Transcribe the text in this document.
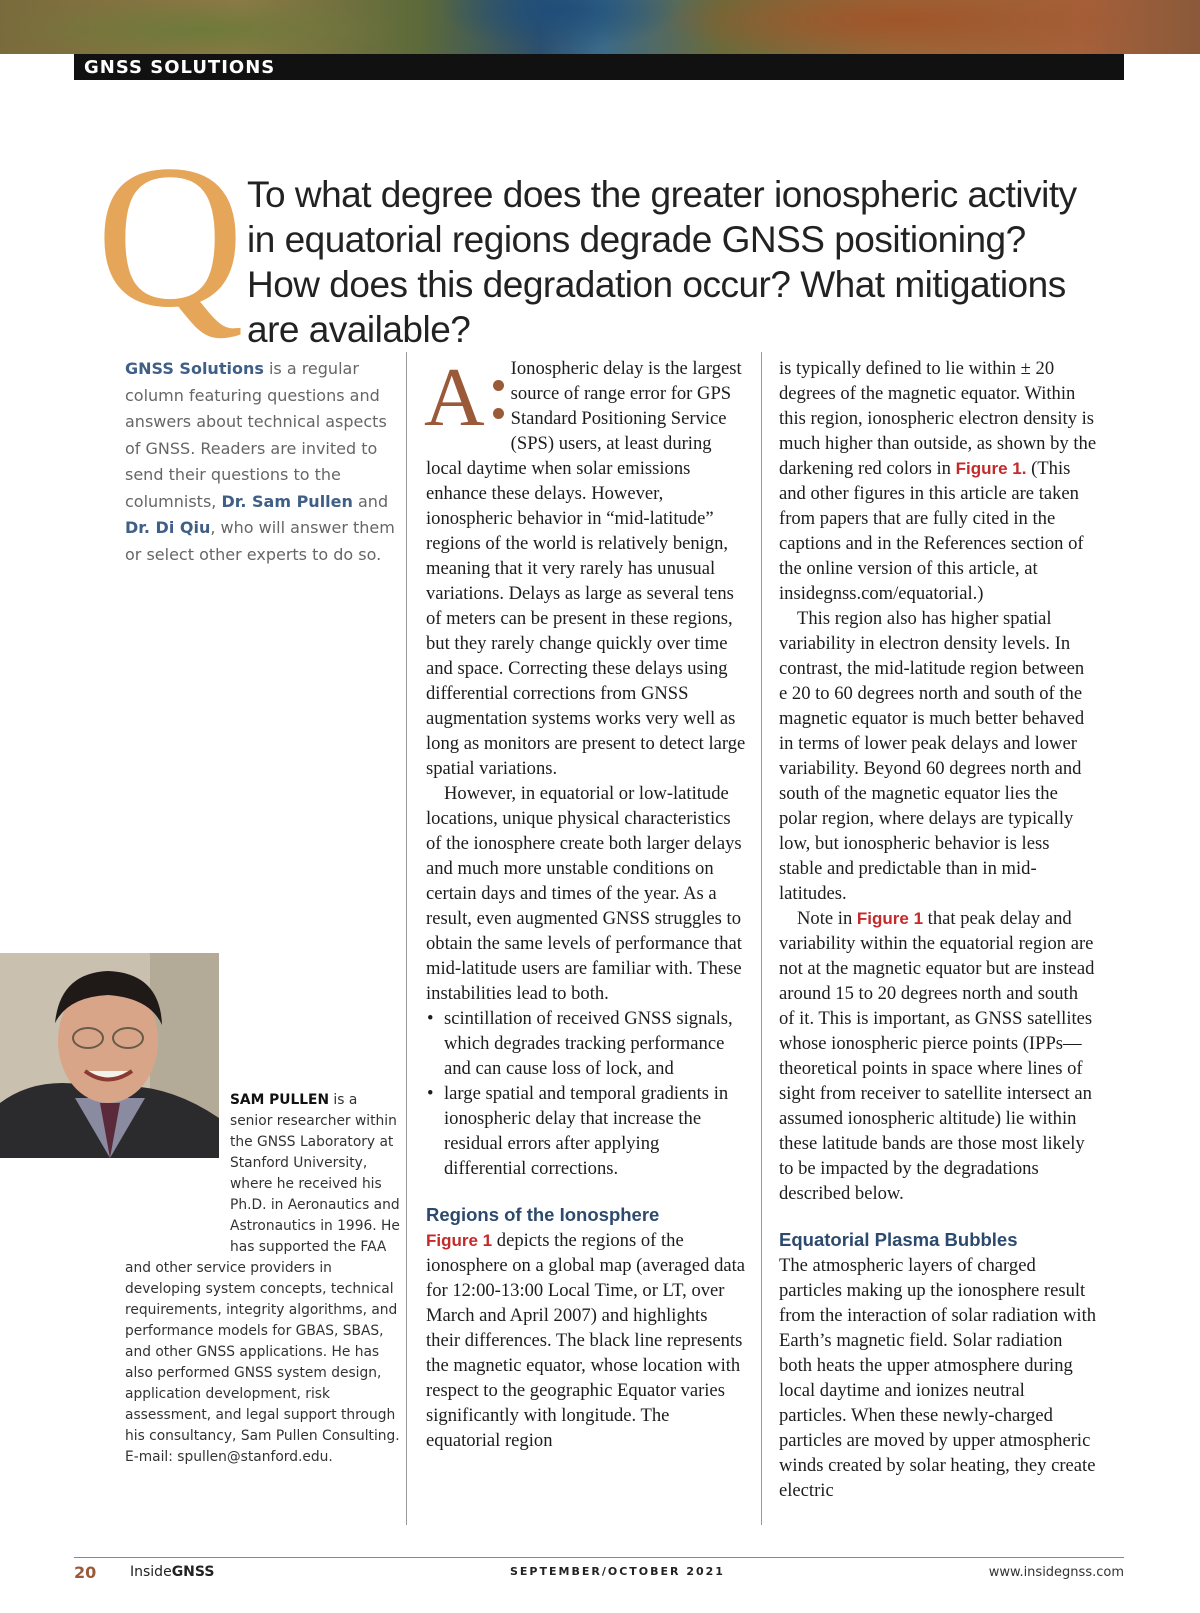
GNSS SOLUTIONS
Q To what degree does the greater ionospheric activity in equatorial regions degrade GNSS positioning? How does this degradation occur? What mitigations are available?
GNSS Solutions is a regular column featuring questions and answers about technical aspects of GNSS. Readers are invited to send their questions to the columnists, Dr. Sam Pullen and Dr. Di Qiu, who will answer them or select other experts to do so.
SAM PULLEN is a senior researcher within the GNSS Laboratory at Stanford University, where he received his Ph.D. in Aeronautics and Astronautics in 1996. He has supported the FAA and other service providers in developing system concepts, technical requirements, integrity algorithms, and performance models for GBAS, SBAS, and other GNSS applications. He has also performed GNSS system design, application development, risk assessment, and legal support through his consultancy, Sam Pullen Consulting. E-mail: spullen@stanford.edu.
A	Ionospheric delay is the largest source of range error for GPS Standard Positioning Service (SPS) users, at least during local daytime when solar emissions enhance these delays. However, ionospheric behavior in “mid-latitude” regions of the world is relatively benign, meaning that it very rarely has unusual variations. Delays as large as several tens of meters can be present in these regions, but they rarely change quickly over time and space. Correcting these delays using differential corrections from GNSS augmentation systems works very well as long as monitors are present to detect large spatial variations.

However, in equatorial or low-latitude locations, unique physical characteristics of the ionosphere create both larger delays and much more unstable conditions on certain days and times of the year. As a result, even augmented GNSS struggles to obtain the same levels of performance that mid-latitude users are familiar with. These instabilities lead to both.

• scintillation of received GNSS signals, which degrades tracking performance and can cause loss of lock, and
• large spatial and temporal gradients in ionospheric delay that increase the residual errors after applying differential corrections.

Regions of the Ionosphere

Figure 1 depicts the regions of the ionosphere on a global map (averaged data for 12:00-13:00 Local Time, or LT, over March and April 2007) and highlights their differences. The black line represents the magnetic equator, whose location with respect to the geographic Equator varies significantly with longitude. The equatorial region

is typically defined to lie within ± 20 degrees of the magnetic equator. Within this region, ionospheric electron density is much higher than outside, as shown by the darkening red colors in Figure 1. (This and other figures in this article are taken from papers that are fully cited in the captions and in the References section of the online version of this article, at insidegnss.com/equatorial.)

This region also has higher spatial variability in electron density levels. In contrast, the mid-latitude region between e 20 to 60 degrees north and south of the magnetic equator is much better behaved in terms of lower peak delays and lower variability. Beyond 60 degrees north and south of the magnetic equator lies the polar region, where delays are typically low, but ionospheric behavior is less stable and predictable than in mid-latitudes.

Note in Figure 1 that peak delay and variability within the equatorial region are not at the magnetic equator but are instead around 15 to 20 degrees north and south of it. This is important, as GNSS satellites whose ionospheric pierce points (IPPs—theoretical points in space where lines of sight from receiver to satellite intersect an assumed ionospheric altitude) lie within these latitude bands are those most likely to be impacted by the degradations described below.

Equatorial Plasma Bubbles

The atmospheric layers of charged particles making up the ionosphere result from the interaction of solar radiation with Earth’s magnetic field. Solar radiation both heats the upper atmosphere during local daytime and ionizes neutral particles. When these newly-charged particles are moved by upper atmospheric winds created by solar heating, they create electric

20 InsideGNSS	SEPTEMBER/OCTOBER 2021	www.insidegnss.com
